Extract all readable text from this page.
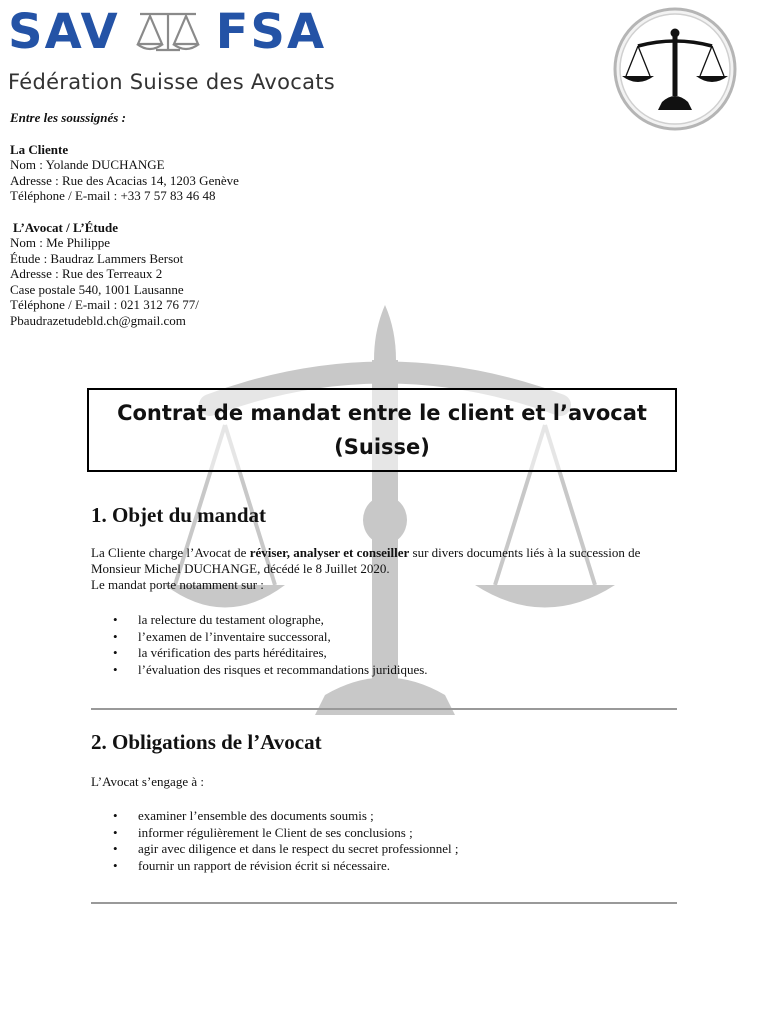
SAV FSA
Fédération Suisse des Avocats
Entre les soussignés :
La Cliente
Nom : Yolande DUCHANGE
Adresse : Rue des Acacias 14, 1203 Genève
Téléphone / E-mail : +33 7 57 83 46 48
L’Avocat / L’Étude
Nom : Me Philippe
Étude : Baudraz Lammers Bersot
Adresse : Rue des Terreaux 2
Case postale 540, 1001 Lausanne
Téléphone / E-mail : 021 312 76 77/
Pbaudrazetudebld.ch@gmail.com
Contrat de mandat entre le client et l’avocat
(Suisse)
1. Objet du mandat
La Cliente charge l’Avocat de réviser, analyser et conseiller sur divers documents liés à la succession de Monsieur Michel DUCHANGE, décédé le 8 Juillet 2020.
Le mandat porte notamment sur :
• la relecture du testament olographe,
• l’examen de l’inventaire successoral,
• la vérification des parts héréditaires,
• l’évaluation des risques et recommandations juridiques.
2. Obligations de l’Avocat
L’Avocat s’engage à :
• examiner l’ensemble des documents soumis ;
• informer régulièrement le Client de ses conclusions ;
• agir avec diligence et dans le respect du secret professionnel ;
• fournir un rapport de révision écrit si nécessaire.
